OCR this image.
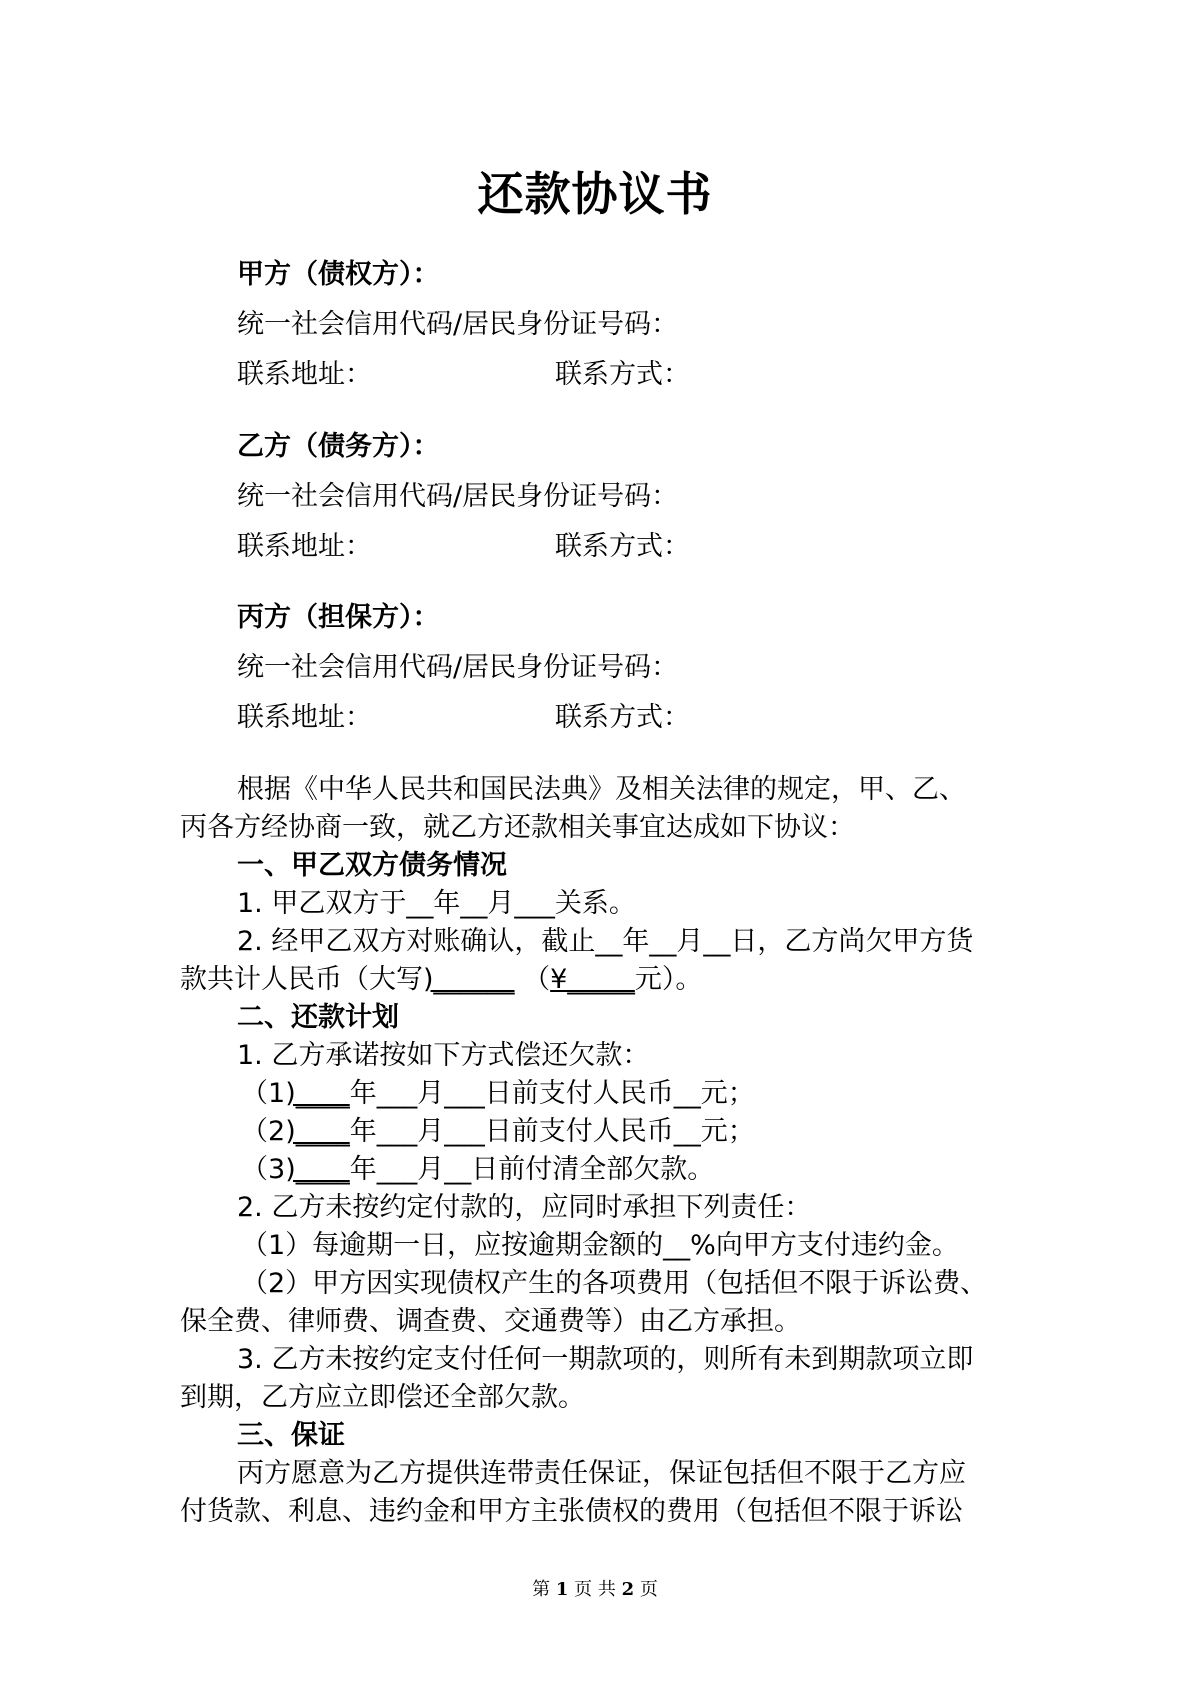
还款协议书
甲方（债权方）：
统一社会信用代码/居民身份证号码：
联系地址：	联系方式：
乙方（债务方）：
统一社会信用代码/居民身份证号码：
联系地址：	联系方式：
丙方（担保方）：
统一社会信用代码/居民身份证号码：
联系地址：	联系方式：
根据《中华人民共和国民法典》及相关法律的规定，甲、乙、
丙各方经协商一致，就乙方还款相关事宜达成如下协议：
一、甲乙双方债务情况
1. 甲乙双方于__年__月___关系。
2. 经甲乙双方对账确认，截止__年__月__日，乙方尚欠甲方货
款共计人民币（大写)______ （¥_____元）。
二、还款计划
1. 乙方承诺按如下方式偿还欠款：
（1)____年___月___日前支付人民币__元；
（2)____年___月___日前支付人民币__元；
（3)____年___月__日前付清全部欠款。
2. 乙方未按约定付款的，应同时承担下列责任：
（1）每逾期一日，应按逾期金额的__%向甲方支付违约金。
（2）甲方因实现债权产生的各项费用（包括但不限于诉讼费、
保全费、律师费、调查费、交通费等）由乙方承担。
3. 乙方未按约定支付任何一期款项的，则所有未到期款项立即
到期，乙方应立即偿还全部欠款。
三、保证
丙方愿意为乙方提供连带责任保证，保证包括但不限于乙方应
付货款、利息、违约金和甲方主张债权的费用（包括但不限于诉讼
第 1 页 共 2 页
